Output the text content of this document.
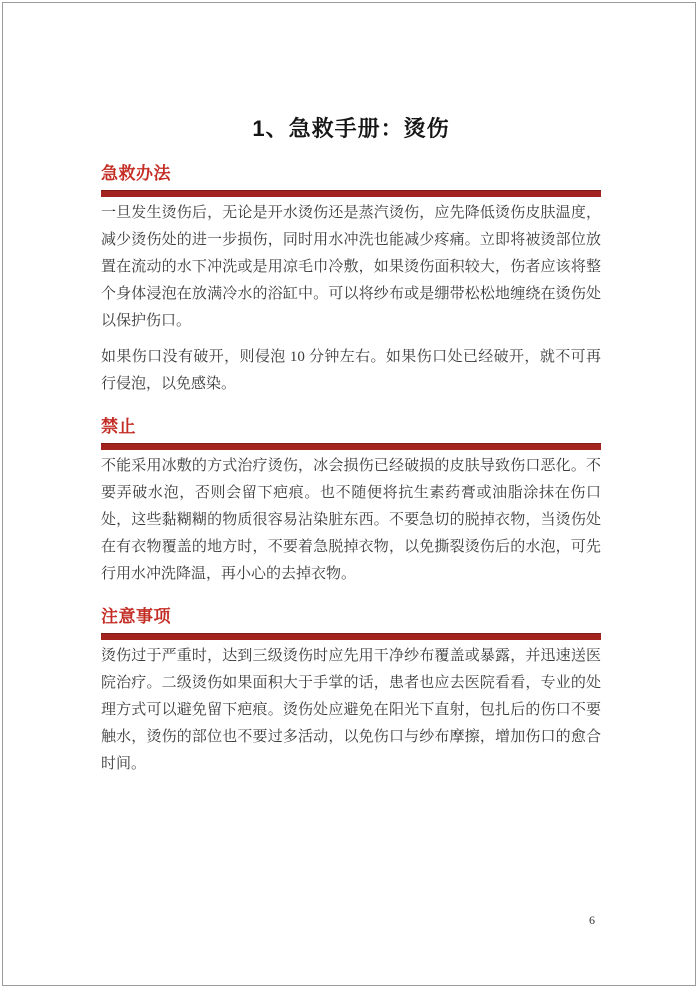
1、急救手册：烫伤
急救办法

一旦发生烫伤后，无论是开水烫伤还是蒸汽烫伤，应先降低烫伤皮肤温度，减少烫伤处的进一步损伤，同时用水冲洗也能减少疼痛。立即将被烫部位放置在流动的水下冲洗或是用凉毛巾冷敷，如果烫伤面积较大，伤者应该将整个身体浸泡在放满冷水的浴缸中。可以将纱布或是绷带松松地缠绕在烫伤处以保护伤口。

如果伤口没有破开，则侵泡 10 分钟左右。如果伤口处已经破开，就不可再行侵泡，以免感染。

禁止

不能采用冰敷的方式治疗烫伤，冰会损伤已经破损的皮肤导致伤口恶化。不要弄破水泡，否则会留下疤痕。也不随便将抗生素药膏或油脂涂抹在伤口处，这些黏糊糊的物质很容易沾染脏东西。不要急切的脱掉衣物，当烫伤处在有衣物覆盖的地方时，不要着急脱掉衣物，以免撕裂烫伤后的水泡，可先行用水冲洗降温，再小心的去掉衣物。

注意事项

烫伤过于严重时，达到三级烫伤时应先用干净纱布覆盖或暴露，并迅速送医院治疗。二级烫伤如果面积大于手掌的话，患者也应去医院看看，专业的处理方式可以避免留下疤痕。烫伤处应避免在阳光下直射，包扎后的伤口不要触水，烫伤的部位也不要过多活动，以免伤口与纱布摩擦，增加伤口的愈合时间。

6
